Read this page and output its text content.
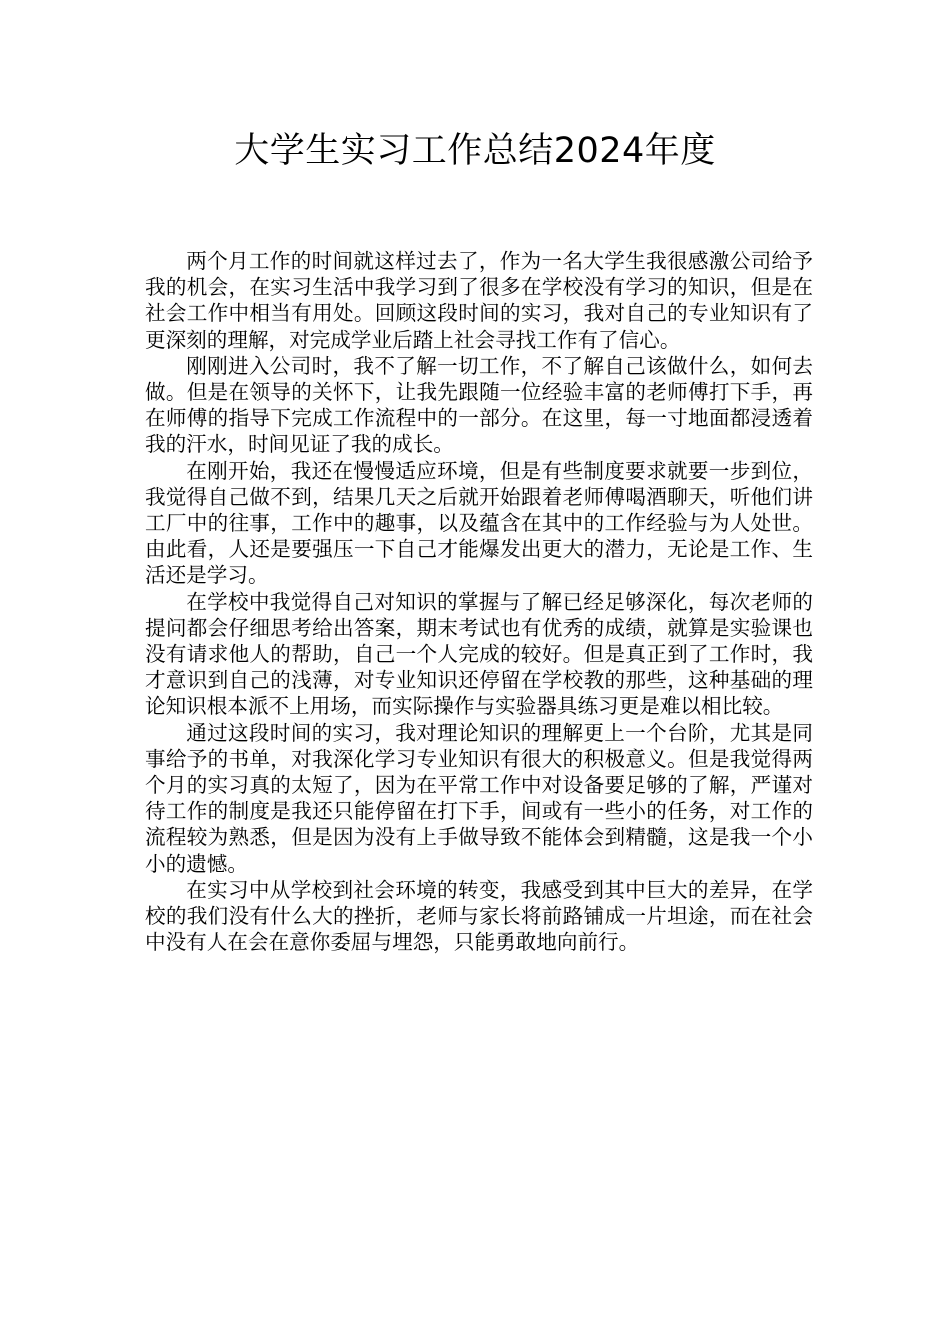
大学生实习工作总结2024年度

两个月工作的时间就这样过去了，作为一名大学生我很感激公司给予我的机会，在实习生活中我学习到了很多在学校没有学习的知识，但是在社会工作中相当有用处。回顾这段时间的实习，我对自己的专业知识有了更深刻的理解，对完成学业后踏上社会寻找工作有了信心。

刚刚进入公司时，我不了解一切工作，不了解自己该做什么，如何去做。但是在领导的关怀下，让我先跟随一位经验丰富的老师傅打下手，再在师傅的指导下完成工作流程中的一部分。在这里，每一寸地面都浸透着我的汗水，时间见证了我的成长。

在刚开始，我还在慢慢适应环境，但是有些制度要求就要一步到位，我觉得自己做不到，结果几天之后就开始跟着老师傅喝酒聊天，听他们讲工厂中的往事，工作中的趣事，以及蕴含在其中的工作经验与为人处世。由此看，人还是要强压一下自己才能爆发出更大的潜力，无论是工作、生活还是学习。

在学校中我觉得自己对知识的掌握与了解已经足够深化，每次老师的提问都会仔细思考给出答案，期末考试也有优秀的成绩，就算是实验课也没有请求他人的帮助，自己一个人完成的较好。但是真正到了工作时，我才意识到自己的浅薄，对专业知识还停留在学校教的那些，这种基础的理论知识根本派不上用场，而实际操作与实验器具练习更是难以相比较。

通过这段时间的实习，我对理论知识的理解更上一个台阶，尤其是同事给予的书单，对我深化学习专业知识有很大的积极意义。但是我觉得两个月的实习真的太短了，因为在平常工作中对设备要足够的了解，严谨对待工作的制度是我还只能停留在打下手，间或有一些小的任务，对工作的流程较为熟悉，但是因为没有上手做导致不能体会到精髓，这是我一个小小的遗憾。

在实习中从学校到社会环境的转变，我感受到其中巨大的差异，在学校的我们没有什么大的挫折，老师与家长将前路铺成一片坦途，而在社会中没有人在会在意你委屈与埋怨，只能勇敢地向前行。
